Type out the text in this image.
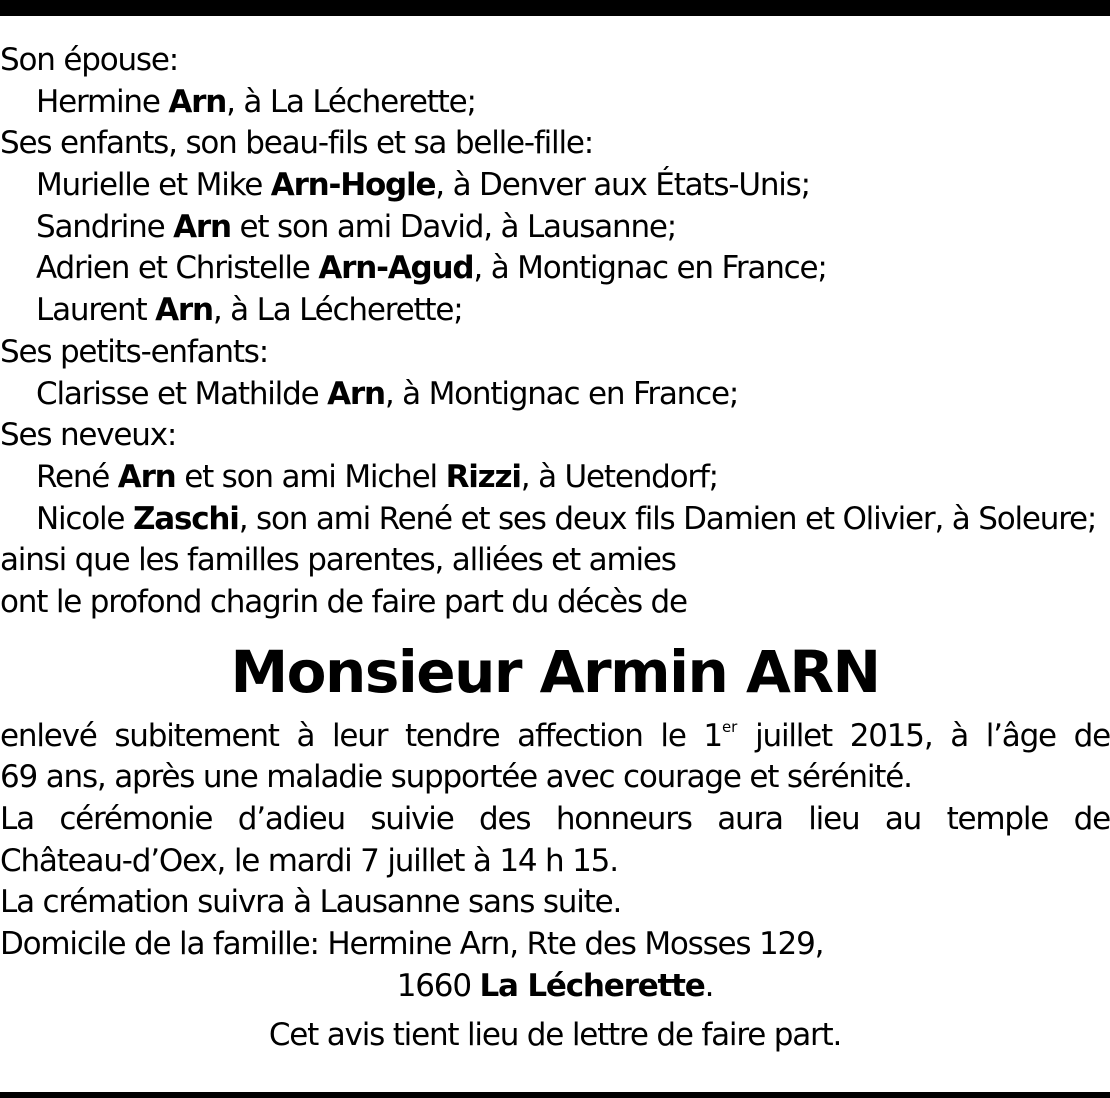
Son épouse:
Hermine Arn, à La Lécherette;
Ses enfants, son beau-fils et sa belle-fille:
Murielle et Mike Arn-Hogle, à Denver aux États-Unis;
Sandrine Arn et son ami David, à Lausanne;
Adrien et Christelle Arn-Agud, à Montignac en France;
Laurent Arn, à La Lécherette;
Ses petits-enfants:
Clarisse et Mathilde Arn, à Montignac en France;
Ses neveux:
René Arn et son ami Michel Rizzi, à Uetendorf;
Nicole Zaschi, son ami René et ses deux fils Damien et Olivier, à Soleure;
ainsi que les familles parentes, alliées et amies
ont le profond chagrin de faire part du décès de
Monsieur Armin ARN
enlevé subitement à leur tendre affection le 1er juillet 2015, à l’âge de
69 ans, après une maladie supportée avec courage et sérénité.
La cérémonie d’adieu suivie des honneurs aura lieu au temple de
Château-d’Oex, le mardi 7 juillet à 14 h 15.
La crémation suivra à Lausanne sans suite.
Domicile de la famille: Hermine Arn, Rte des Mosses 129,
1660 La Lécherette.
Cet avis tient lieu de lettre de faire part.
